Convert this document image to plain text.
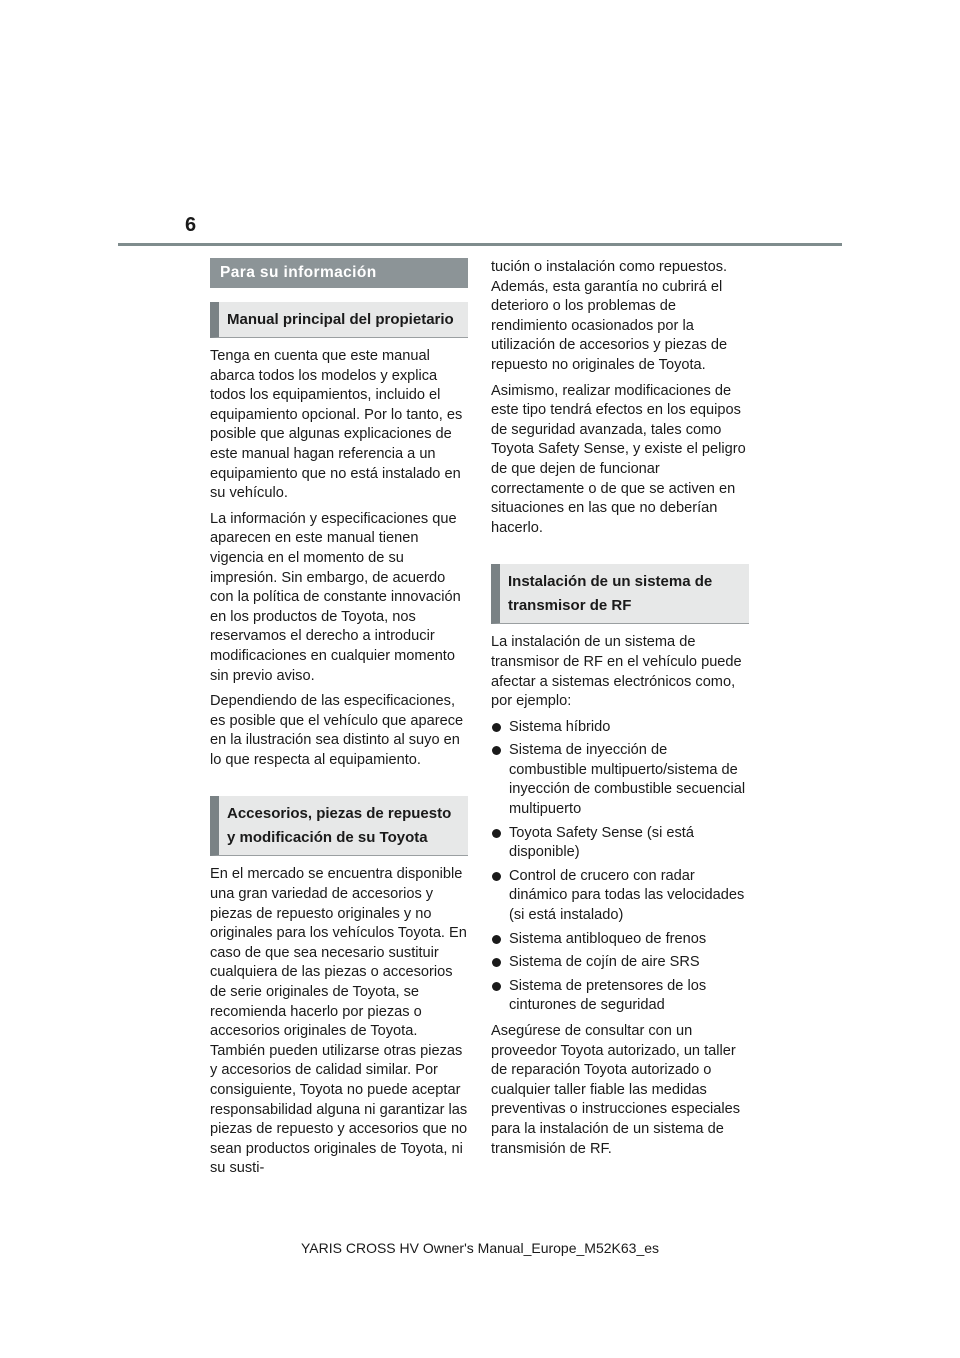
6
Para su información
Manual principal del propietario

Tenga en cuenta que este manual abarca todos los modelos y explica todos los equipamientos, incluido el equipamiento opcional. Por lo tanto, es posible que algunas explicaciones de este manual hagan referencia a un equipamiento que no está instalado en su vehículo.

La información y especificaciones que aparecen en este manual tienen vigencia en el momento de su impresión. Sin embargo, de acuerdo con la política de constante innovación en los productos de Toyota, nos reservamos el derecho a introducir modificaciones en cualquier momento sin previo aviso.

Dependiendo de las especificaciones, es posible que el vehículo que aparece en la ilustración sea distinto al suyo en lo que respecta al equipamiento.

Accesorios, piezas de repuesto y modificación de su Toyota

En el mercado se encuentra disponible una gran variedad de accesorios y piezas de repuesto originales y no originales para los vehículos Toyota. En caso de que sea necesario sustituir cualquiera de las piezas o accesorios de serie originales de Toyota, se recomienda hacerlo por piezas o accesorios originales de Toyota. También pueden utilizarse otras piezas y accesorios de calidad similar. Por consiguiente, Toyota no puede aceptar responsabilidad alguna ni garantizar las piezas de repuesto y accesorios que no sean productos originales de Toyota, ni su susti-

tución o instalación como repuestos. Además, esta garantía no cubrirá el deterioro o los problemas de rendimiento ocasionados por la utilización de accesorios y piezas de repuesto no originales de Toyota.

Asimismo, realizar modificaciones de este tipo tendrá efectos en los equipos de seguridad avanzada, tales como Toyota Safety Sense, y existe el peligro de que dejen de funcionar correctamente o de que se activen en situaciones en las que no deberían hacerlo.

Instalación de un sistema de transmisor de RF

La instalación de un sistema de transmisor de RF en el vehículo puede afectar a sistemas electrónicos como, por ejemplo:

Sistema híbrido
Sistema de inyección de combustible multipuerto/sistema de inyección de combustible secuencial multipuerto
Toyota Safety Sense (si está disponible)
Control de crucero con radar dinámico para todas las velocidades (si está instalado)
Sistema antibloqueo de frenos
Sistema de cojín de aire SRS
Sistema de pretensores de los cinturones de seguridad

Asegúrese de consultar con un proveedor Toyota autorizado, un taller de reparación Toyota autorizado o cualquier taller fiable las medidas preventivas o instrucciones especiales para la instalación de un sistema de transmisión de RF.

YARIS CROSS HV Owner's Manual_Europe_M52K63_es
